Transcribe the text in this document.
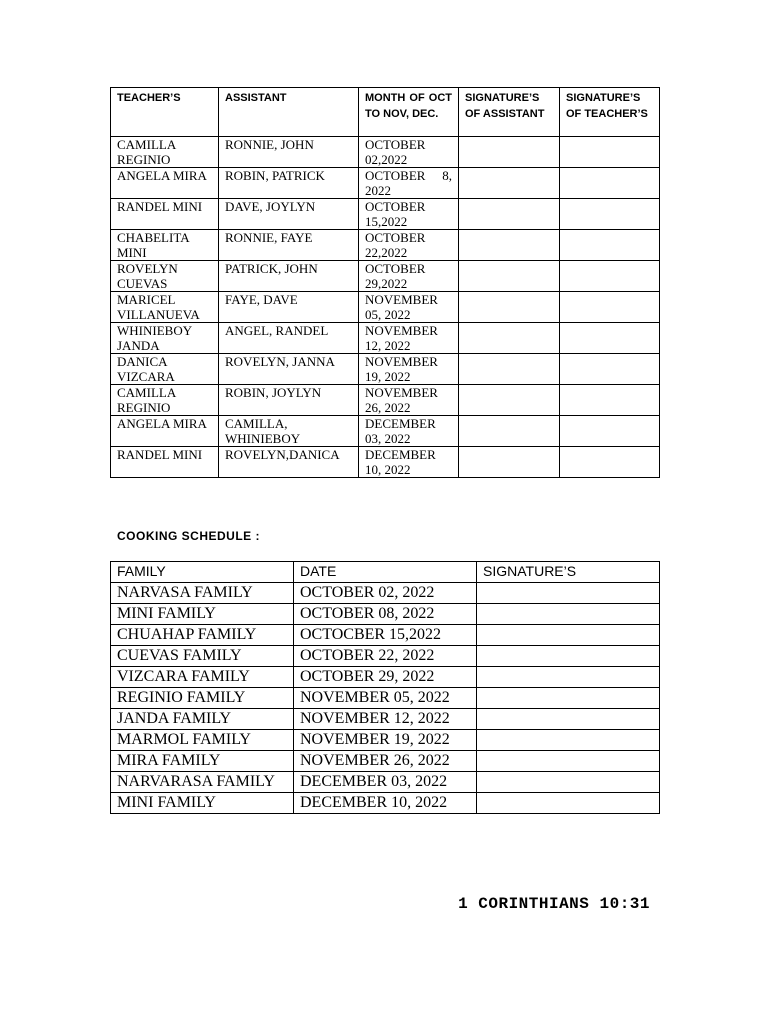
TEACHER’S	ASSISTANT	MONTH OF OCT TO NOV, DEC.	SIGNATURE’S OF ASSISTANT	SIGNATURE’S OF TEACHER’S
CAMILLA REGINIO	RONNIE, JOHN	OCTOBER 02,2022		
ANGELA MIRA	ROBIN, PATRICK	OCTOBER 8, 2022		
RANDEL MINI	DAVE, JOYLYN	OCTOBER 15,2022		
CHABELITA MINI	RONNIE, FAYE	OCTOBER 22,2022		
ROVELYN CUEVAS	PATRICK, JOHN	OCTOBER 29,2022		
MARICEL VILLANUEVA	FAYE, DAVE	NOVEMBER 05, 2022		
WHINIEBOY JANDA	ANGEL, RANDEL	NOVEMBER 12, 2022		
DANICA VIZCARA	ROVELYN, JANNA	NOVEMBER 19, 2022		
CAMILLA REGINIO	ROBIN, JOYLYN	NOVEMBER 26, 2022		
ANGELA MIRA	CAMILLA, WHINIEBOY	DECEMBER 03, 2022		
RANDEL MINI	ROVELYN,DANICA	DECEMBER 10, 2022		
COOKING SCHEDULE :
FAMILY	DATE	SIGNATURE’S
NARVASA FAMILY	OCTOBER 02, 2022	
MINI FAMILY	OCTOBER 08, 2022	
CHUAHAP FAMILY	OCTOCBER 15,2022	
CUEVAS FAMILY	OCTOBER 22, 2022	
VIZCARA FAMILY	OCTOBER 29, 2022	
REGINIO FAMILY	NOVEMBER 05, 2022	
JANDA FAMILY	NOVEMBER 12, 2022	
MARMOL FAMILY	NOVEMBER 19, 2022	
MIRA FAMILY	NOVEMBER 26, 2022	
NARVARASA FAMILY	DECEMBER 03, 2022	
MINI FAMILY	DECEMBER 10, 2022	

1 CORINTHIANS 10:31
